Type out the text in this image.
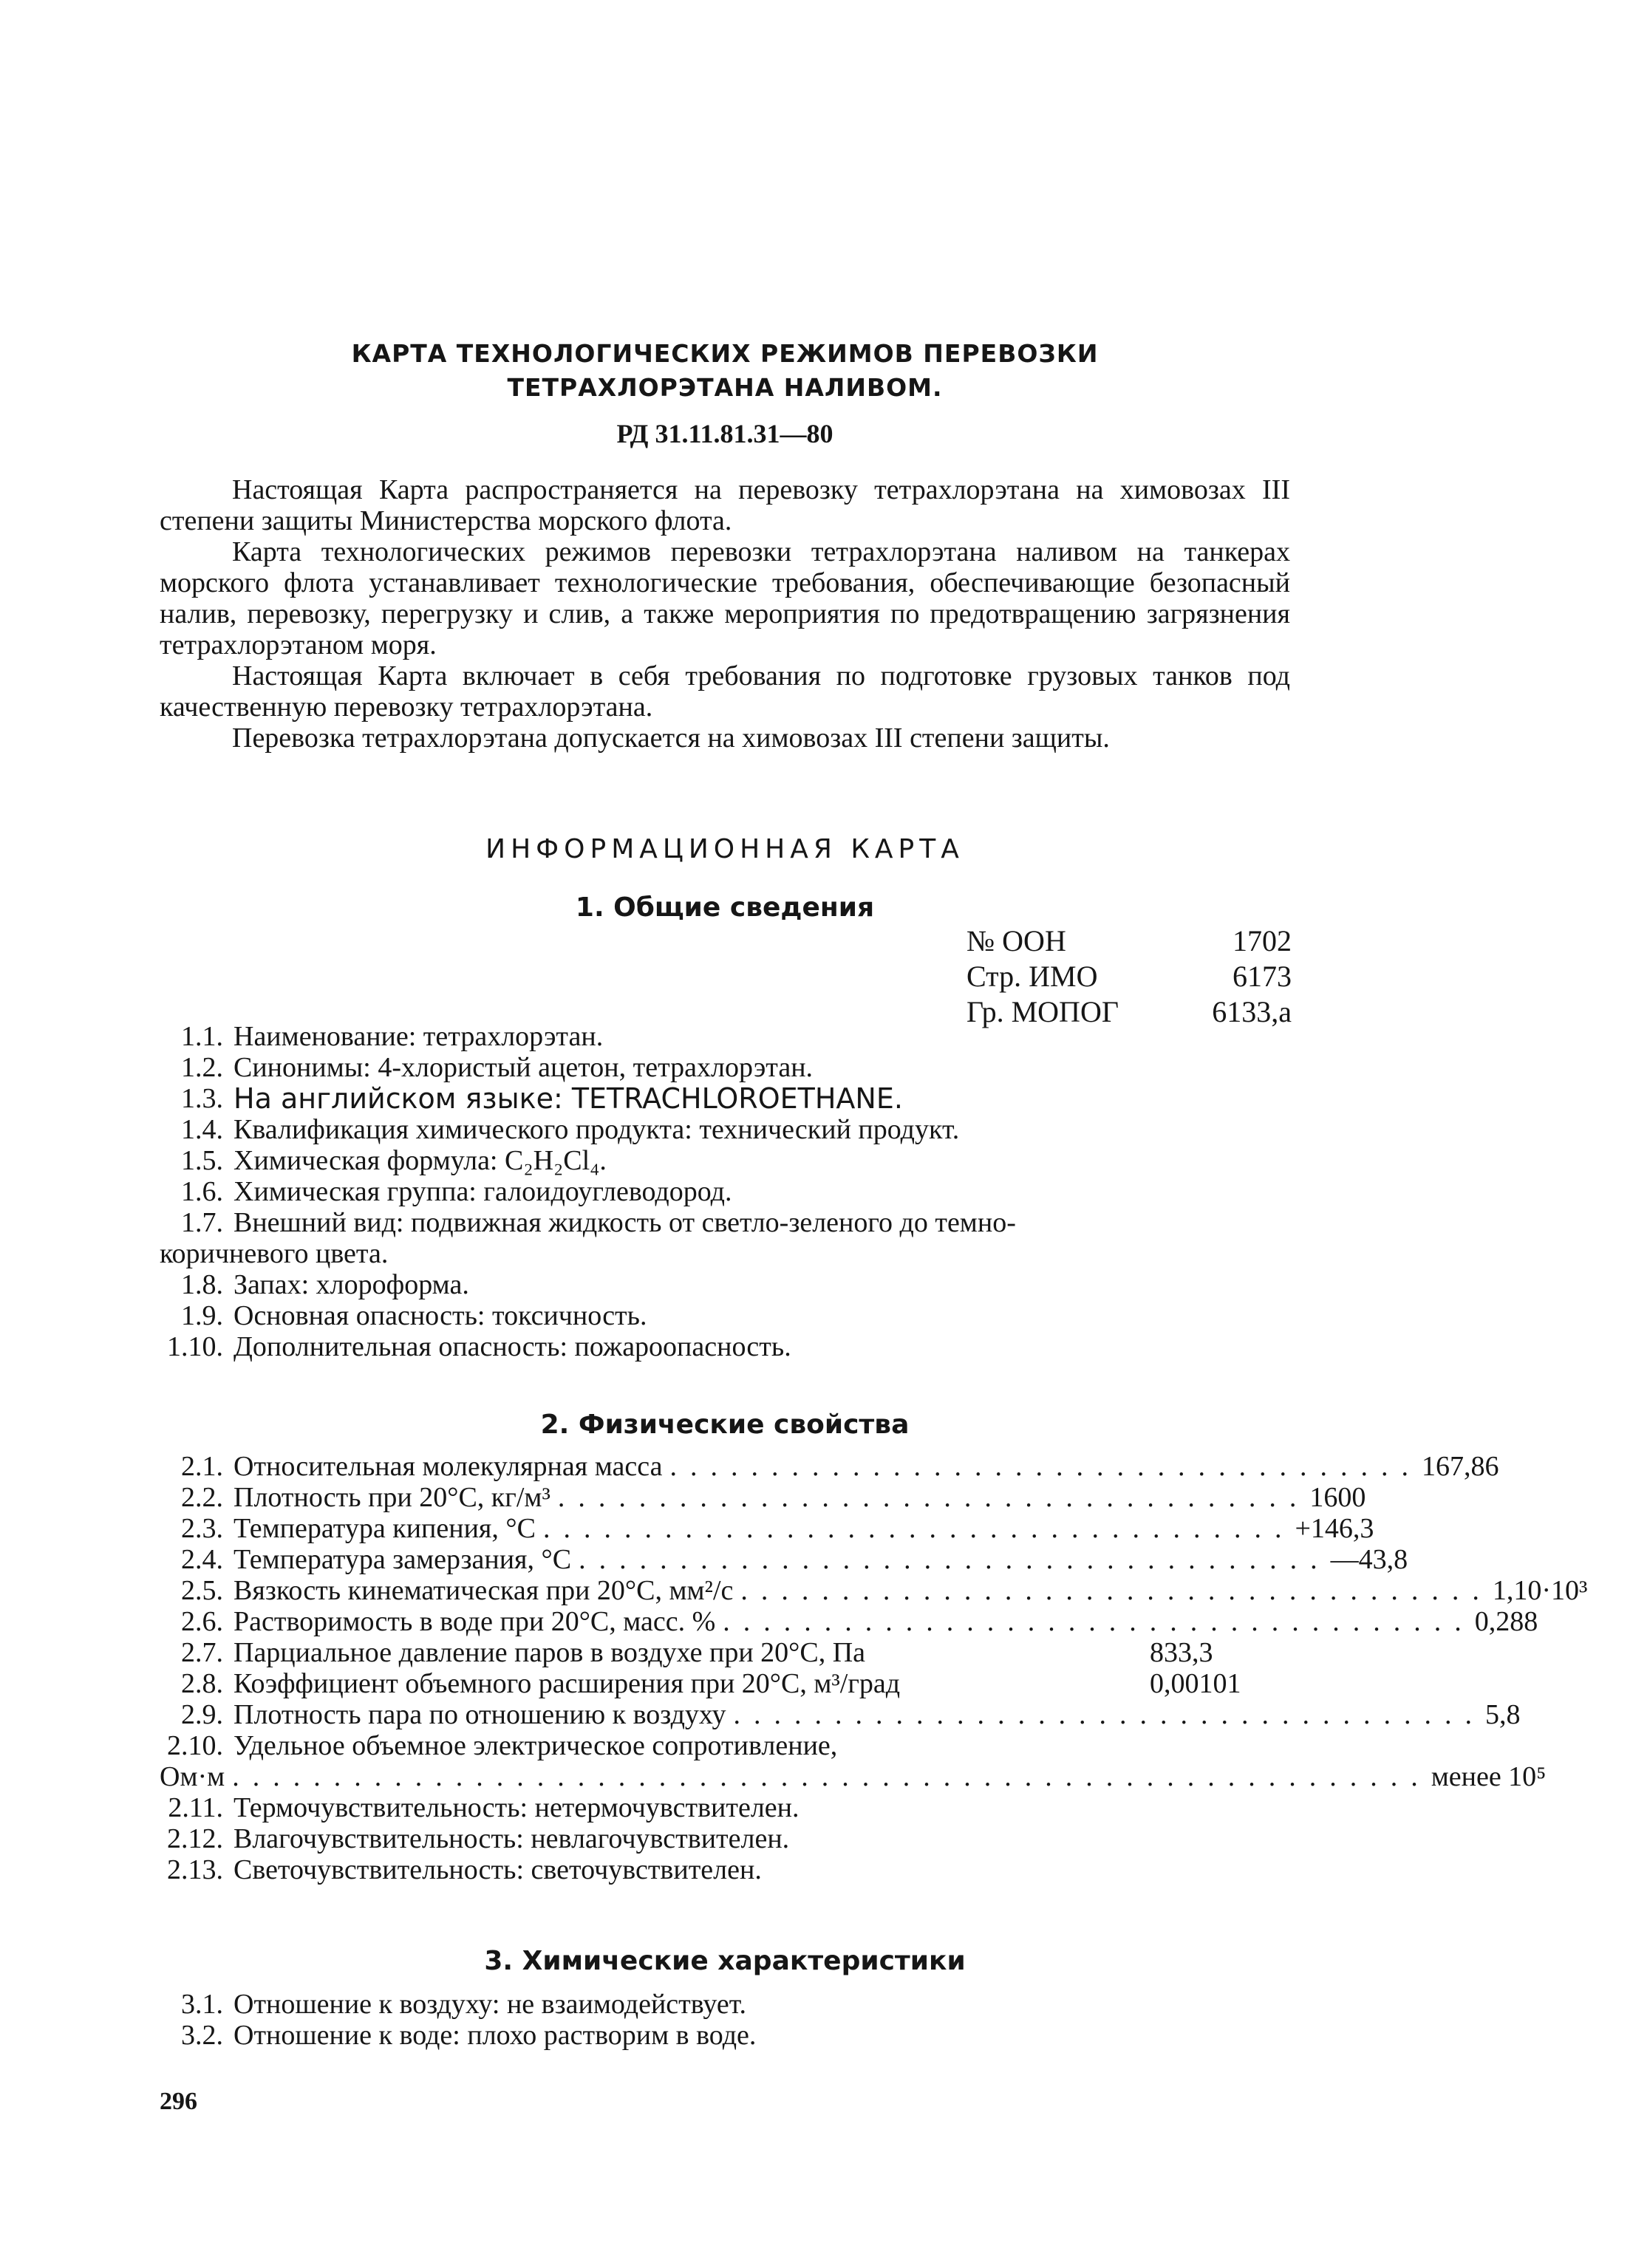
КАРТА ТЕХНОЛОГИЧЕСКИХ РЕЖИМОВ ПЕРЕВОЗКИ
ТЕТРАХЛОРЭТАНА НАЛИВОМ.
РД 31.11.81.31—80

Настоящая Карта распространяется на перевозку тетрахлорэтана на химовозах III степени защиты Министерства морского флота.

Карта технологических режимов перевозки тетрахлорэтана наливом на танкерах морского флота устанавливает технологические требования, обеспечивающие безопасный налив, перевозку, перегрузку и слив, а также мероприятия по предотвращению загрязнения тетрахлорэтаном моря.

Настоящая Карта включает в себя требования по подготовке грузовых танков под качественную перевозку тетрахлорэтана.

Перевозка тетрахлорэтана допускается на химовозах III степени защиты.

ИНФОРМАЦИОННАЯ КАРТА
1. Общие сведения
№ ООН	1702
Стр. ИМО	6173
Гр. МОПОГ	6133,а
1.1. Наименование: тетрахлорэтан.
1.2. Синонимы: 4-хлористый ацетон, тетрахлорэтан.
1.3. На английском языке: TETRACHLOROETHANE.
1.4. Квалификация химического продукта: технический продукт.
1.5. Химическая формула: C₂H₂Cl₄.
1.6. Химическая группа: галоидоуглеводород.
1.7. Внешний вид: подвижная жидкость от светло-зеленого до темно-
коричневого цвета.
1.8. Запах: хлороформа.
1.9. Основная опасность: токсичность.
1.10. Дополнительная опасность: пожароопасность.
2. Физические свойства
2.1. Относительная молекулярная масса ..................................... 167,86
2.2. Плотность при 20°С, кг/м³ ..................................... 1600
2.3. Температура кипения, °С ..................................... +146,3
2.4. Температура замерзания, °С ..................................... —43,8
2.5. Вязкость кинематическая при 20°С, мм²/с ..................................... 1,10·10³
2.6. Растворимость в воде при 20°С, масс. % ..................................... 0,288
2.7. Парциальное давление паров в воздухе при 20°С, Па	833,3
2.8. Коэффициент объемного расширения при 20°С, м³/град	0,00101
2.9. Плотность пара по отношению к воздуху ..................................... 5,8
2.10. Удельное объемное электрическое сопротивление,
Ом·м ........................................................... менее 10⁵
2.11. Термочувствительность: нетермочувствителен.
2.12. Влагочувствительность: невлагочувствителен.
2.13. Светочувствительность: светочувствителен.
3. Химические характеристики
3.1. Отношение к воздуху: не взаимодействует.
3.2. Отношение к воде: плохо растворим в воде.
296
